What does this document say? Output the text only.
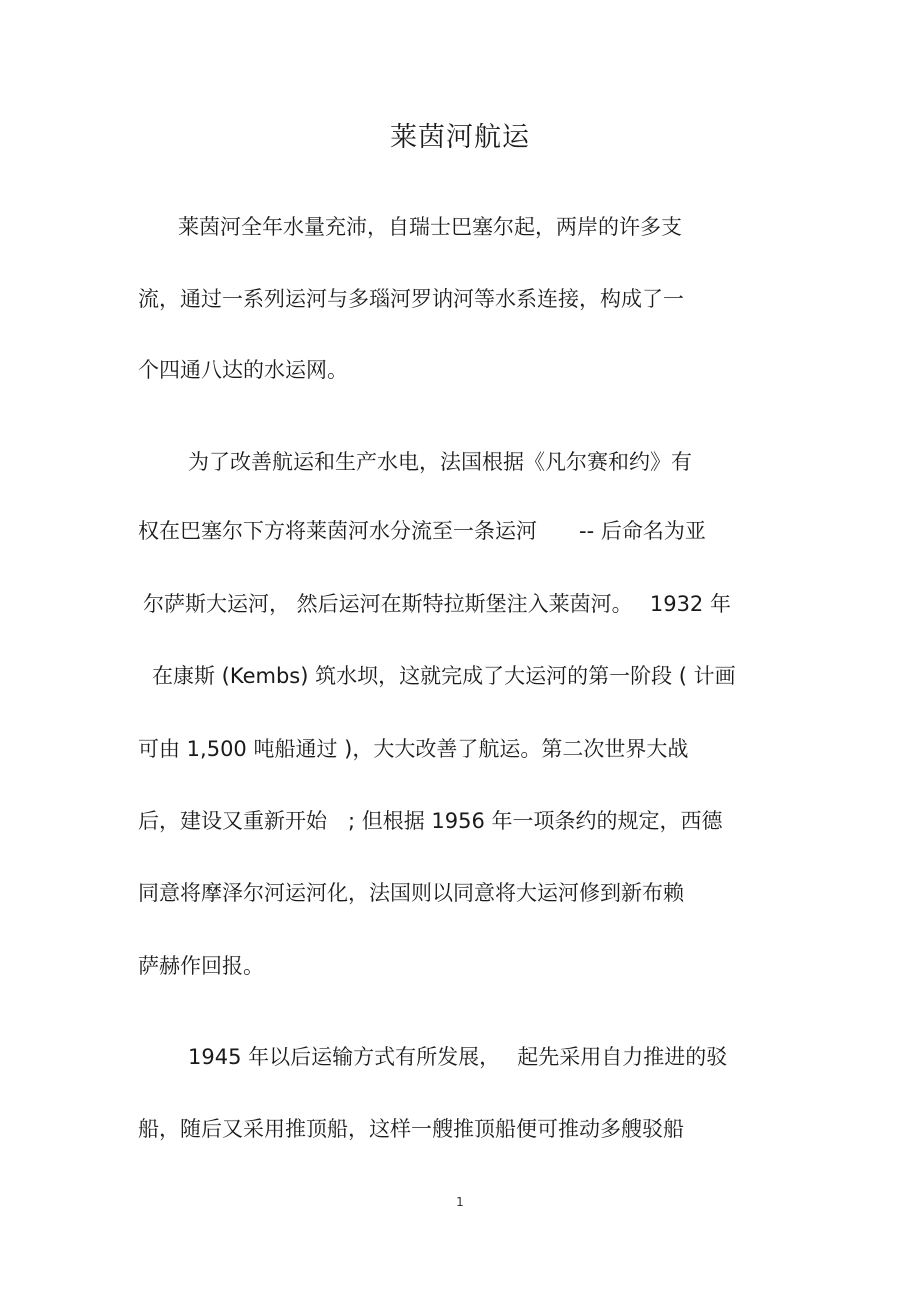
莱茵河航运
莱茵河全年水量充沛，自瑞士巴塞尔起，两岸的许多支
流，通过一系列运河与多瑙河罗讷河等水系连接，构成了一
个四通八达的水运网。
为了改善航运和生产水电，法国根据《凡尔赛和约》有
权在巴塞尔下方将莱茵河水分流至一条运河　　-- 后命名为亚
尔萨斯大运河， 然后运河在斯特拉斯堡注入莱茵河。　 1932 年
在康斯 (Kembs) 筑水坝，这就完成了大运河的第一阶段 ( 计画
可由 1,500 吨船通过 )，大大改善了航运。第二次世界大战
后，建设又重新开始　; 但根据 1956 年一项条约的规定，西德
同意将摩泽尔河运河化，法国则以同意将大运河修到新布赖
萨赫作回报。
1945 年以后运输方式有所发展，　 起先采用自力推进的驳
船，随后又采用推顶船，这样一艘推顶船便可推动多艘驳船
1
